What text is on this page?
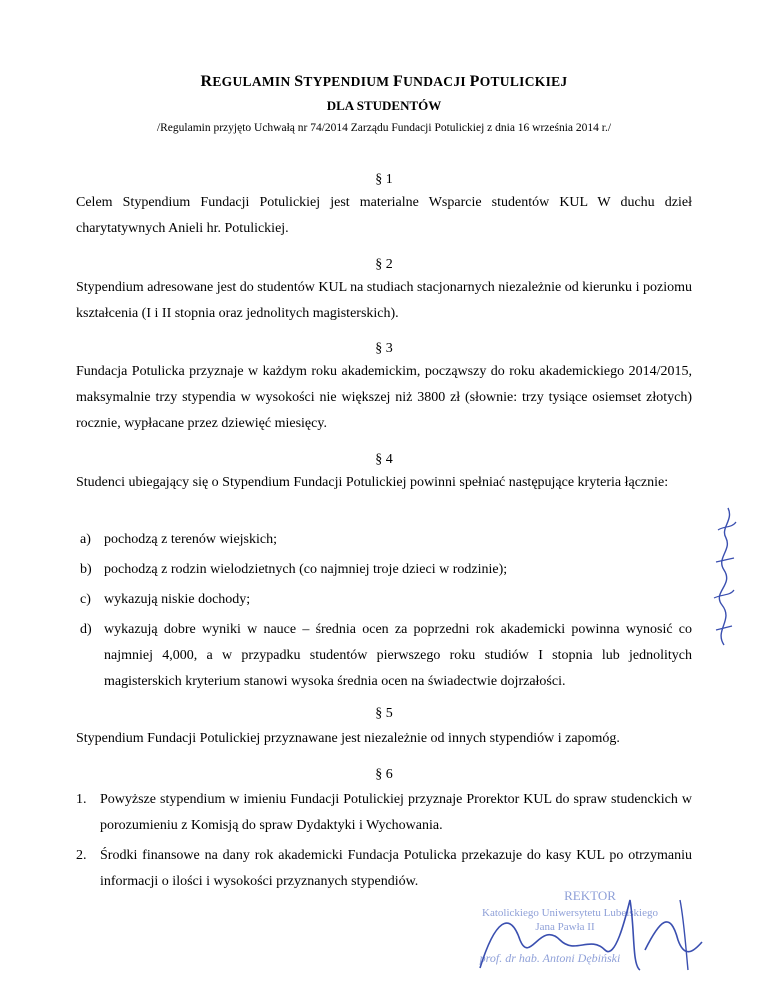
REGULAMIN STYPENDIUM FUNDACJI POTULICKIEJ
DLA STUDENTÓW
/Regulamin przyjęto Uchwałą nr 74/2014 Zarządu Fundacji Potulickiej z dnia 16 września 2014 r./
§ 1
Celem Stypendium Fundacji Potulickiej jest materialne Wsparcie studentów KUL W duchu dzieł charytatywnych Anieli hr. Potulickiej.
§ 2
Stypendium adresowane jest do studentów KUL na studiach stacjonarnych niezależnie od kierunku i poziomu kształcenia (I i II stopnia oraz jednolitych magisterskich).
§ 3
Fundacja Potulicka przyznaje w każdym roku akademickim, począwszy do roku akademickiego 2014/2015, maksymalnie trzy stypendia w wysokości nie większej niż 3800 zł (słownie: trzy tysiące osiemset złotych) rocznie, wypłacane przez dziewięć miesięcy.
§ 4
Studenci ubiegający się o Stypendium Fundacji Potulickiej powinni spełniać następujące kryteria łącznie:
a) pochodzą z terenów wiejskich;
b) pochodzą z rodzin wielodzietnych (co najmniej troje dzieci w rodzinie);
c) wykazują niskie dochody;
d) wykazują dobre wyniki w nauce – średnia ocen za poprzedni rok akademicki powinna wynosić co najmniej 4,000, a w przypadku studentów pierwszego roku studiów I stopnia lub jednolitych magisterskich kryterium stanowi wysoka średnia ocen na świadectwie dojrzałości.
§ 5
Stypendium Fundacji Potulickiej przyznawane jest niezależnie od innych stypendiów i zapomóg.
§ 6
1. Powyższe stypendium w imieniu Fundacji Potulickiej przyznaje Prorektor KUL do spraw studenckich w porozumieniu z Komisją do spraw Dydaktyki i Wychowania.
2. Środki finansowe na dany rok akademicki Fundacja Potulicka przekazuje do kasy KUL po otrzymaniu informacji o ilości i wysokości przyznanych stypendiów.
REKTOR
Katolickiego Uniwersytetu Lubelskiego
Jana Pawła II
prof. dr hab. Antoni Dębiński
